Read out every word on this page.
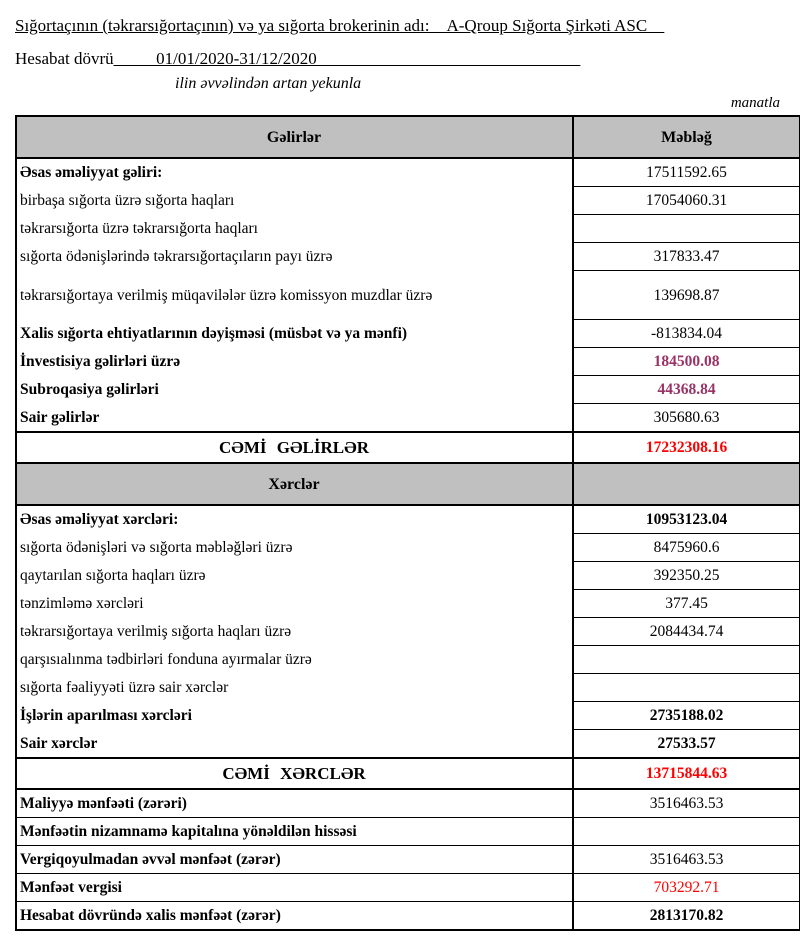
Sığortaçının (təkrarsığortaçının) və ya sığorta brokerinin adı:__A-Qroup Sığorta Şirkəti ASC__
Hesabat dövrü_____01/01/2020-31/12/2020_______________________________
ilin əvvəlindən artan yekunla
manatla
Gəlirlər	Məbləğ
Əsas əməliyyat gəliri:	17511592.65
birbaşa sığorta üzrə sığorta haqları	17054060.31
təkrarsığorta üzrə təkrarsığorta haqları	
sığorta ödənişlərində təkrarsığortaçıların payı üzrə	317833.47
təkrarsığortaya verilmiş müqavilələr üzrə komissyon muzdlar üzrə	139698.87
Xalis sığorta ehtiyatlarının dəyişməsi (müsbət və ya mənfi)	-813834.04
İnvestisiya gəlirləri üzrə	184500.08
Subroqasiya gəlirləri	44368.84
Sair gəlirlər	305680.63
CƏMİ GƏLİRLƏR	17232308.16
Xərclər	
Əsas əməliyyat xərcləri:	10953123.04
sığorta ödənişləri və sığorta məbləğləri üzrə	8475960.6
qaytarılan sığorta haqları üzrə	392350.25
tənzimləmə xərcləri	377.45
təkrarsığortaya verilmiş sığorta haqları üzrə	2084434.74
qarşısıalınma tədbirləri fonduna ayırmalar üzrə	
sığorta fəaliyyəti üzrə sair xərclər	
İşlərin aparılması xərcləri	2735188.02
Sair xərclər	27533.57
CƏMİ XƏRCLƏR	13715844.63
Maliyyə mənfəəti (zərəri)	3516463.53
Mənfəətin nizamnamə kapitalına yönəldilən hissəsi	
Vergiqoyulmadan əvvəl mənfəət (zərər)	3516463.53
Mənfəət vergisi	703292.71
Hesabat dövründə xalis mənfəət (zərər)	2813170.82
